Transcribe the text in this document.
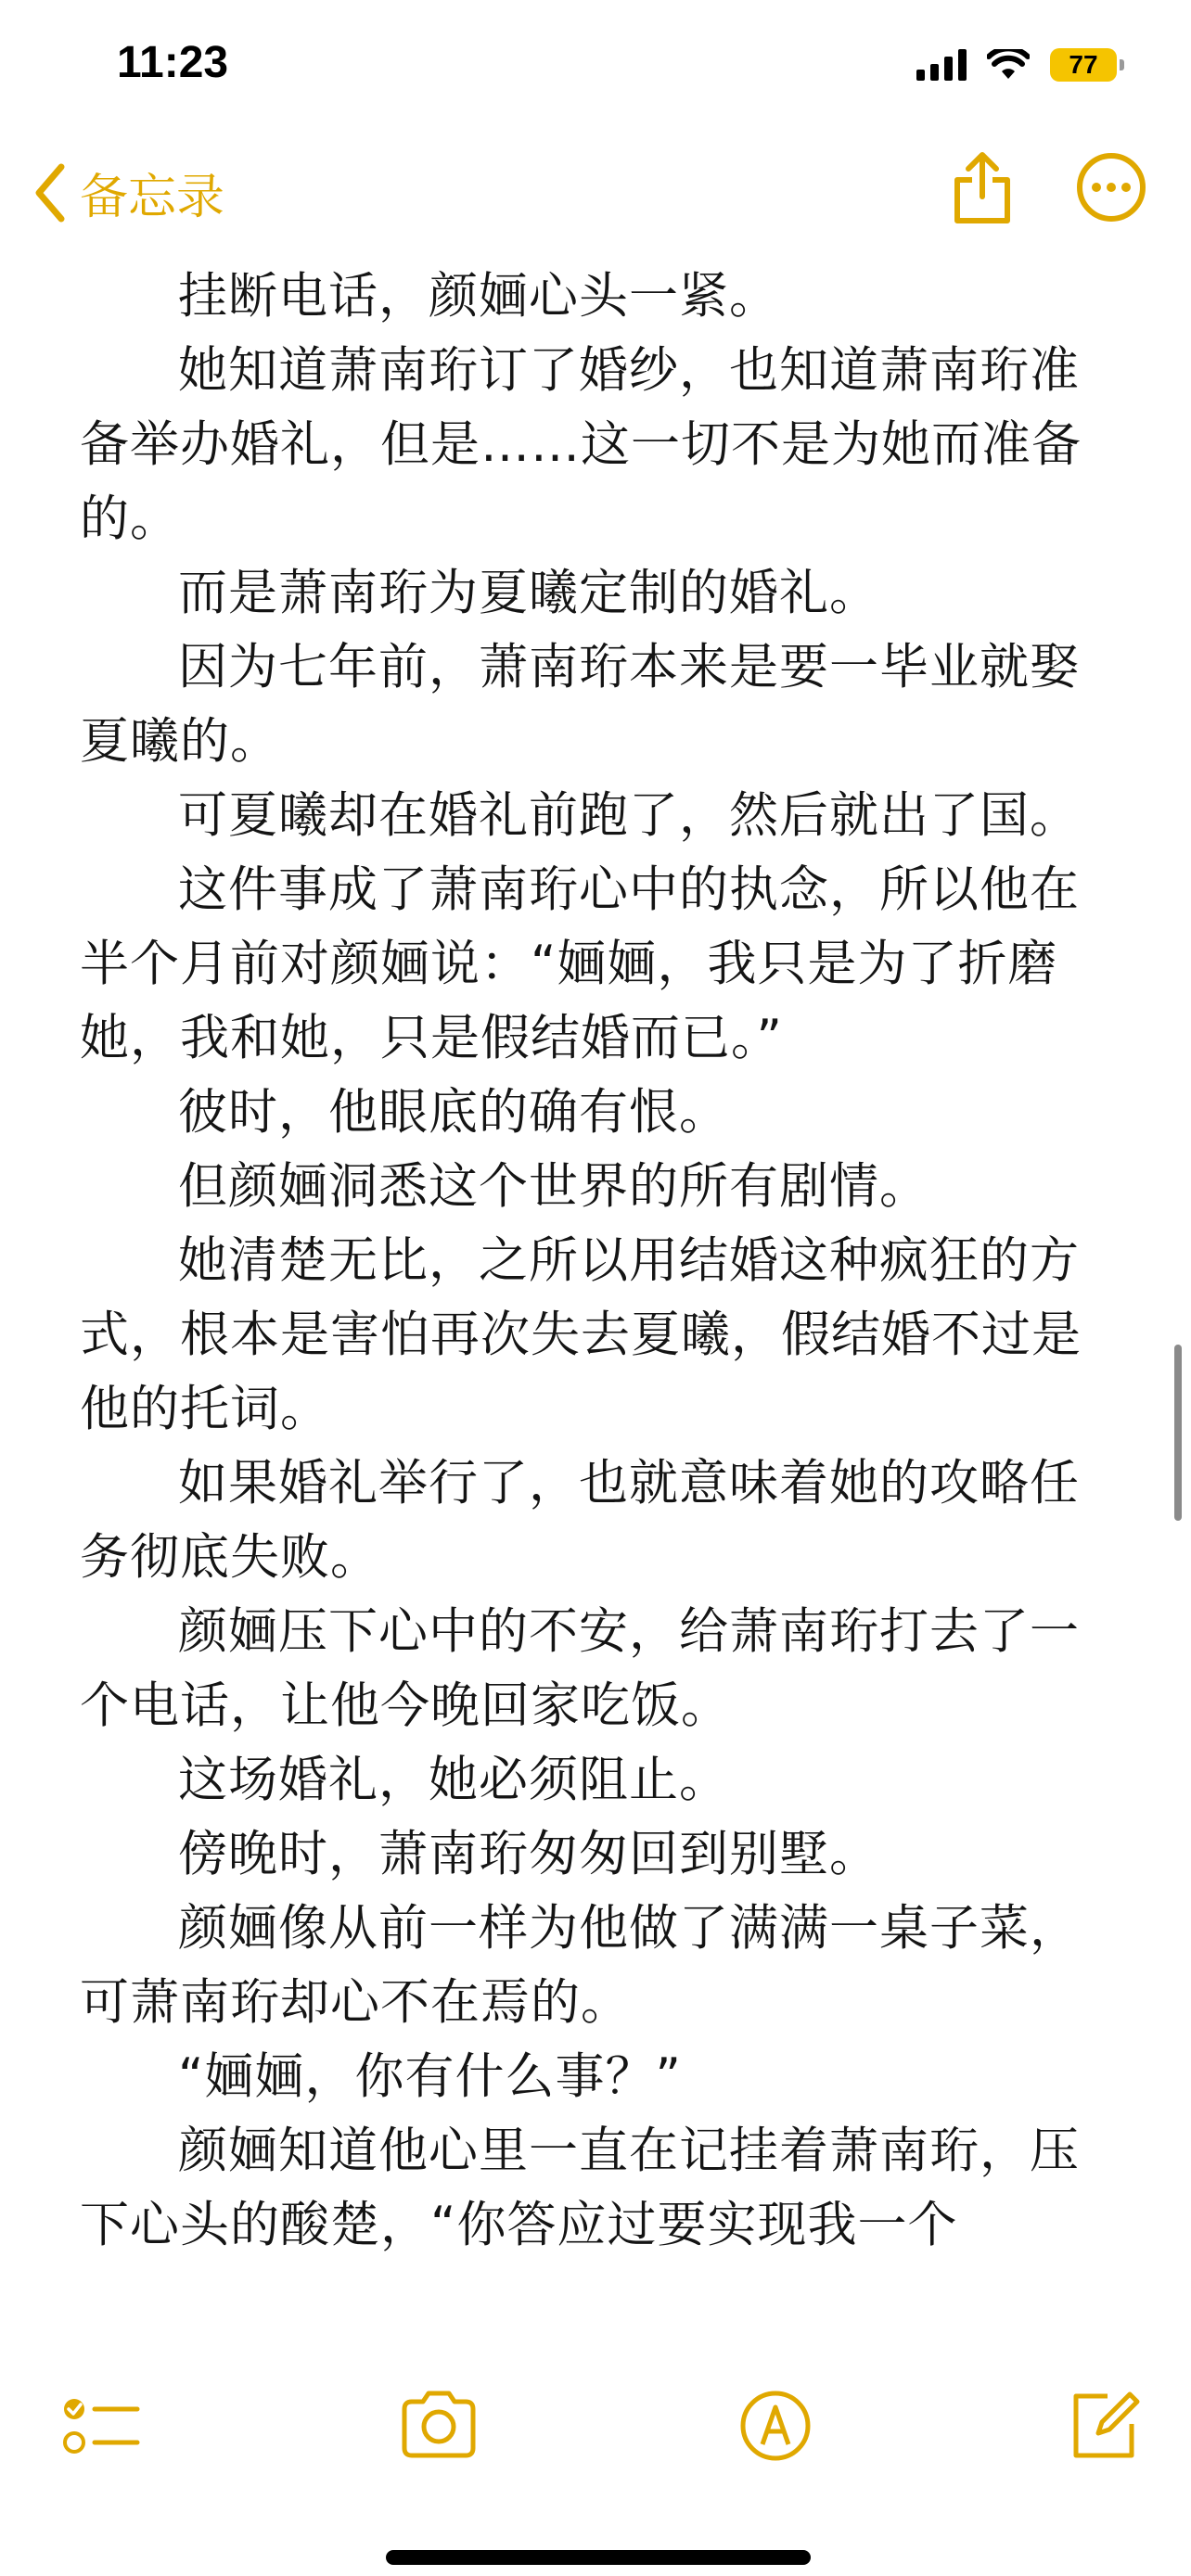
11:23	77
备忘录

挂断电话，颜婳心头一紧。

她知道萧南珩订了婚纱，也知道萧南珩准备举办婚礼，但是……这一切不是为她而准备的。

而是萧南珩为夏曦定制的婚礼。

因为七年前，萧南珩本来是要一毕业就娶夏曦的。

可夏曦却在婚礼前跑了，然后就出了国。

这件事成了萧南珩心中的执念，所以他在半个月前对颜婳说：“婳婳，我只是为了折磨她，我和她，只是假结婚而已。”

彼时，他眼底的确有恨。

但颜婳洞悉这个世界的所有剧情。

她清楚无比，之所以用结婚这种疯狂的方式，根本是害怕再次失去夏曦，假结婚不过是他的托词。

如果婚礼举行了，也就意味着她的攻略任务彻底失败。

颜婳压下心中的不安，给萧南珩打去了一个电话，让他今晚回家吃饭。

这场婚礼，她必须阻止。

傍晚时，萧南珩匆匆回到别墅。

颜婳像从前一样为他做了满满一桌子菜，可萧南珩却心不在焉的。

“婳婳，你有什么事？”

颜婳知道他心里一直在记挂着萧南珩，压下心头的酸楚，“你答应过要实现我一个
